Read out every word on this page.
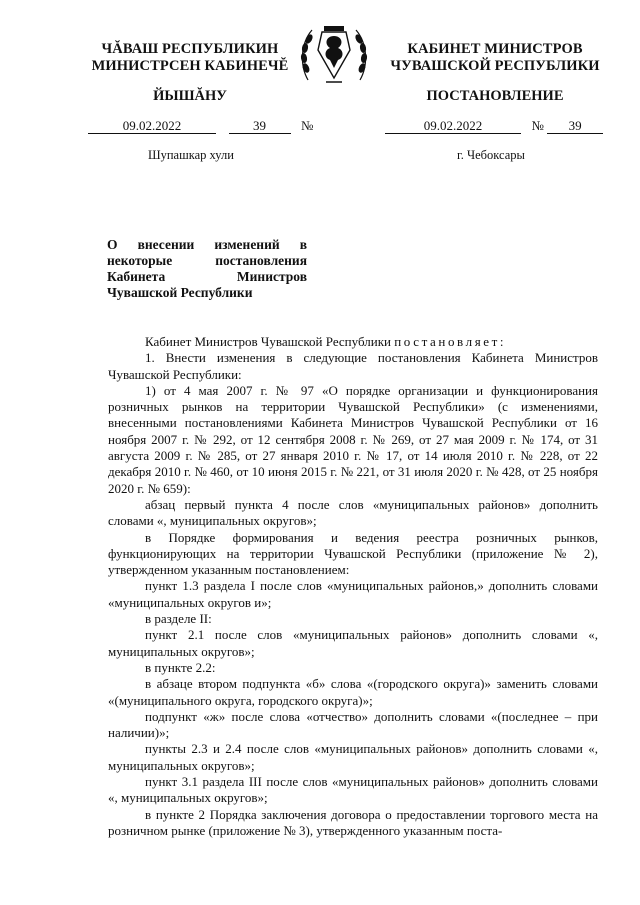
ЧĂВАШ РЕСПУБЛИКИН
МИНИСТРСЕН КАБИНЕЧĔ
ЙЫШĂНУ
КАБИНЕТ МИНИСТРОВ
ЧУВАШСКОЙ РЕСПУБЛИКИ
ПОСТАНОВЛЕНИЕ
09.02.2022	39	№	09.02.2022	№ 39
Шупашкар хули	г. Чебоксары
О внесении изменений в некоторые постановления Кабинета Министров Чувашской Республики

Кабинет Министров Чувашской Республики постановляет:

1. Внести изменения в следующие постановления Кабинета Министров Чувашской Республики:

1) от 4 мая 2007 г. № 97 «О порядке организации и функционирования розничных рынков на территории Чувашской Республики» (с изменениями, внесенными постановлениями Кабинета Министров Чувашской Республики от 16 ноября 2007 г. № 292, от 12 сентября 2008 г. № 269, от 27 мая 2009 г. № 174, от 31 августа 2009 г. № 285, от 27 января 2010 г. № 17, от 14 июля 2010 г. № 228, от 22 декабря 2010 г. № 460, от 10 июня 2015 г. № 221, от 31 июля 2020 г. № 428, от 25 ноября 2020 г. № 659):

абзац первый пункта 4 после слов «муниципальных районов» дополнить словами «, муниципальных округов»;

в Порядке формирования и ведения реестра розничных рынков, функционирующих на территории Чувашской Республики (приложение № 2), утвержденном указанным постановлением:

пункт 1.3 раздела I после слов «муниципальных районов,» дополнить словами «муниципальных округов и»;

в разделе II:

пункт 2.1 после слов «муниципальных районов» дополнить словами «, муниципальных округов»;

в пункте 2.2:

в абзаце втором подпункта «б» слова «(городского округа)» заменить словами «(муниципального округа, городского округа)»;

подпункт «ж» после слова «отчество» дополнить словами «(последнее – при наличии)»;

пункты 2.3 и 2.4 после слов «муниципальных районов» дополнить словами «, муниципальных округов»;

пункт 3.1 раздела III после слов «муниципальных районов» дополнить словами «, муниципальных округов»;

в пункте 2 Порядка заключения договора о предоставлении торгового места на розничном рынке (приложение № 3), утвержденного указанным поста-
